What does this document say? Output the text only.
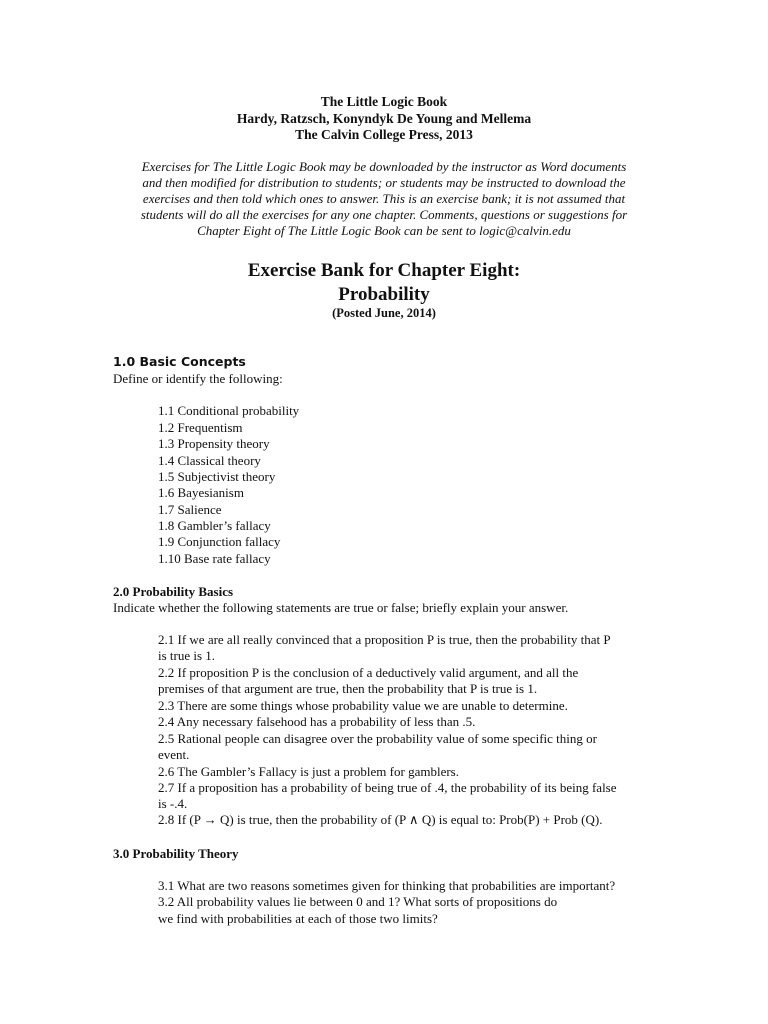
The Little Logic Book
Hardy, Ratzsch, Konyndyk De Young and Mellema
The Calvin College Press, 2013
Exercises for The Little Logic Book may be downloaded by the instructor as Word documents
and then modified for distribution to students; or students may be instructed to download the
exercises and then told which ones to answer. This is an exercise bank; it is not assumed that
students will do all the exercises for any one chapter. Comments, questions or suggestions for
Chapter Eight of The Little Logic Book can be sent to logic@calvin.edu
Exercise Bank for Chapter Eight:
Probability
(Posted June, 2014)
1.0 Basic Concepts
Define or identify the following:
1.1 Conditional probability
1.2 Frequentism
1.3 Propensity theory
1.4 Classical theory
1.5 Subjectivist theory
1.6 Bayesianism
1.7 Salience
1.8 Gambler’s fallacy
1.9 Conjunction fallacy
1.10 Base rate fallacy
2.0 Probability Basics
Indicate whether the following statements are true or false; briefly explain your answer.
2.1 If we are all really convinced that a proposition P is true, then the probability that P
is true is 1.
2.2 If proposition P is the conclusion of a deductively valid argument, and all the
premises of that argument are true, then the probability that P is true is 1.
2.3 There are some things whose probability value we are unable to determine.
2.4 Any necessary falsehood has a probability of less than .5.
2.5 Rational people can disagree over the probability value of some specific thing or
event.
2.6 The Gambler’s Fallacy is just a problem for gamblers.
2.7 If a proposition has a probability of being true of .4, the probability of its being false
is -.4.
2.8 If (P → Q) is true, then the probability of (P ∧ Q) is equal to: Prob(P) + Prob (Q).
3.0 Probability Theory
3.1 What are two reasons sometimes given for thinking that probabilities are important?
3.2 All probability values lie between 0 and 1? What sorts of propositions do
we find with probabilities at each of those two limits?
